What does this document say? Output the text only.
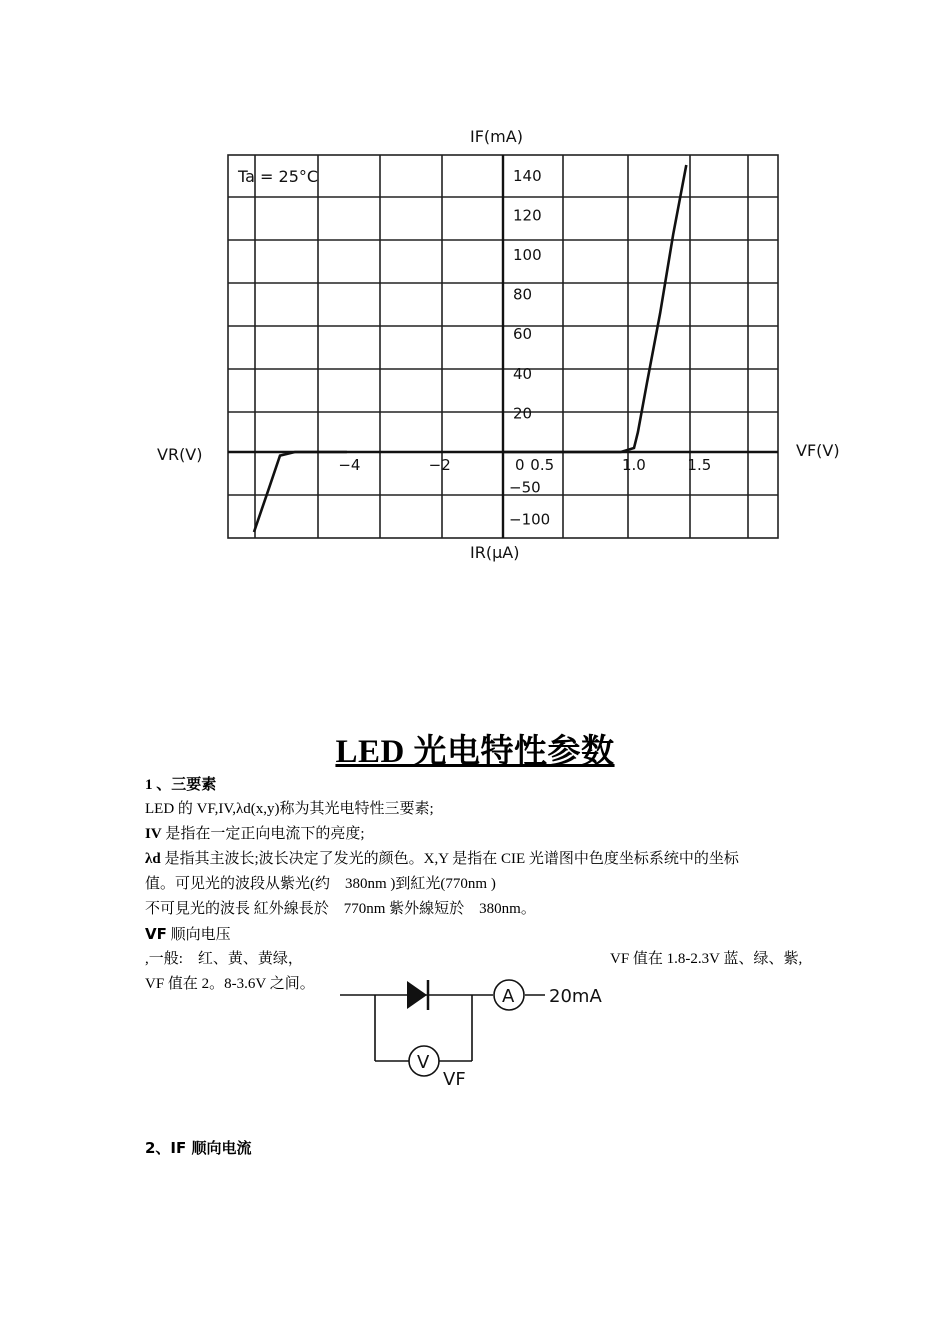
140
120
100
80
60
40
20
0 0.5	1.0	1.5
−4	−2
−50
−100
IF(mA)
IR(μA)
VF(V)
VR(V)
Ta = 25°C
LED 光电特性参数
1 、三要素
LED 的 VF,IV,λd(x,y)称为其光电特性三要素;
IV 是指在一定正向电流下的亮度;
λd 是指其主波长;波长决定了发光的颜色。X,Y 是指在 CIE 光谱图中色度坐标系统中的坐标
值。可见光的波段从紫光(约　380nm )到紅光(770nm )
不可見光的波長 紅外線長於　770nm 紫外線短於　380nm。
VF 顺向电压
,一般:　红、黄、黄绿，	VF 值在 1.8-2.3V 蓝、绿、紫,
VF 值在 2。8-3.6V 之间。
A
V
20mA
VF
2、IF 顺向电流
